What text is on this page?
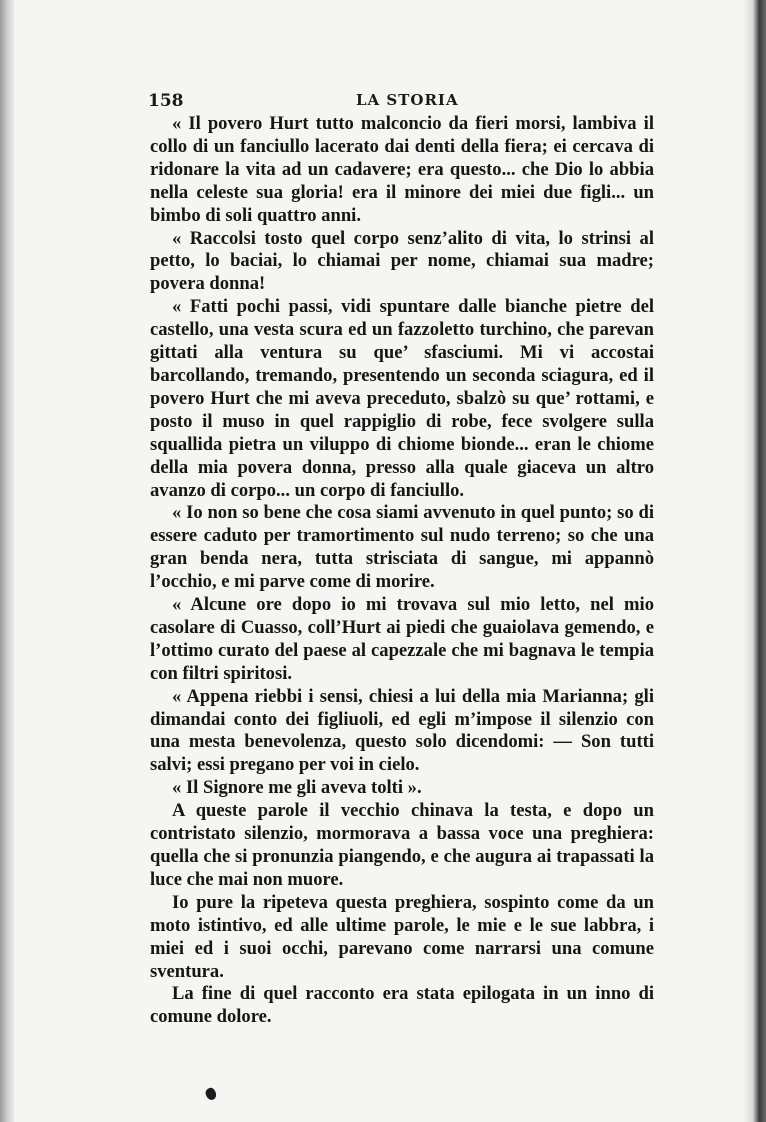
158	LA STORIA

« Il povero Hurt tutto malconcio da fieri morsi, lambiva il collo di un fanciullo lacerato dai denti della fiera; ei cercava di ridonare la vita ad un cadavere; era questo... che Dio lo abbia nella celeste sua gloria! era il minore dei miei due figli... un bimbo di soli quattro anni.

« Raccolsi tosto quel corpo senz’alito di vita, lo strinsi al petto, lo baciai, lo chiamai per nome, chiamai sua madre; povera donna!

« Fatti pochi passi, vidi spuntare dalle bianche pietre del castello, una vesta scura ed un fazzoletto turchino, che parevan gittati alla ventura su que’ sfasciumi. Mi vi accostai barcollando, tremando, presentendo un seconda sciagura, ed il povero Hurt che mi aveva preceduto, sbalzò su que’ rottami, e posto il muso in quel rappiglio di robe, fece svolgere sulla squallida pietra un viluppo di chiome bionde... eran le chiome della mia povera donna, presso alla quale giaceva un altro avanzo di corpo... un corpo di fanciullo.

« Io non so bene che cosa siami avvenuto in quel punto; so di essere caduto per tramortimento sul nudo terreno; so che una gran benda nera, tutta strisciata di sangue, mi appannò l’occhio, e mi parve come di morire.

« Alcune ore dopo io mi trovava sul mio letto, nel mio casolare di Cuasso, coll’Hurt ai piedi che guaiolava gemendo, e l’ottimo curato del paese al capezzale che mi bagnava le tempia con filtri spiritosi.

« Appena riebbi i sensi, chiesi a lui della mia Marianna; gli dimandai conto dei figliuoli, ed egli m’impose il silenzio con una mesta benevolenza, questo solo dicendomi: — Son tutti salvi; essi pregano per voi in cielo.

« Il Signore me gli aveva tolti ».

A queste parole il vecchio chinava la testa, e dopo un contristato silenzio, mormorava a bassa voce una preghiera: quella che si pronunzia piangendo, e che augura ai trapassati la luce che mai non muore.

Io pure la ripeteva questa preghiera, sospinto come da un moto istintivo, ed alle ultime parole, le mie e le sue labbra, i miei ed i suoi occhi, parevano come narrarsi una comune sventura.

La fine di quel racconto era stata epilogata in un inno di comune dolore.
